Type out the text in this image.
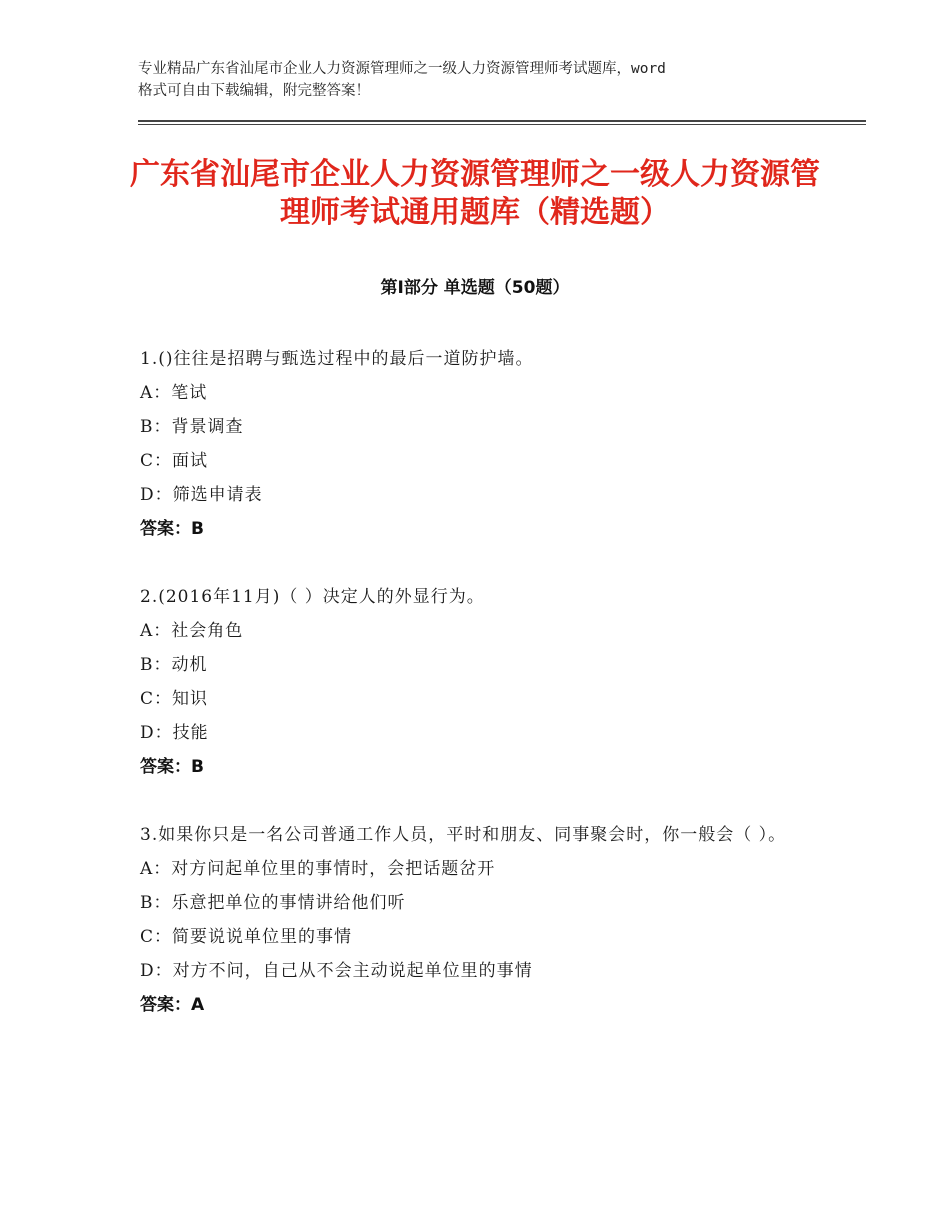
专业精品广东省汕尾市企业人力资源管理师之一级人力资源管理师考试题库，word
格式可自由下载编辑，附完整答案！
广东省汕尾市企业人力资源管理师之一级人力资源管理师考试通用题库（精选题）
第Ⅰ部分 单选题（50题）
1.()往往是招聘与甄选过程中的最后一道防护墙。
A：笔试
B：背景调查
C：面试
D：筛选申请表
答案：B
2.(2016年11月)（ ）决定人的外显行为。
A：社会角色
B：动机
C：知识
D：技能
答案：B
3.如果你只是一名公司普通工作人员，平时和朋友、同事聚会时，你一般会（ ）。
A：对方问起单位里的事情时，会把话题岔开
B：乐意把单位的事情讲给他们听
C：简要说说单位里的事情
D：对方不问，自己从不会主动说起单位里的事情
答案：A
